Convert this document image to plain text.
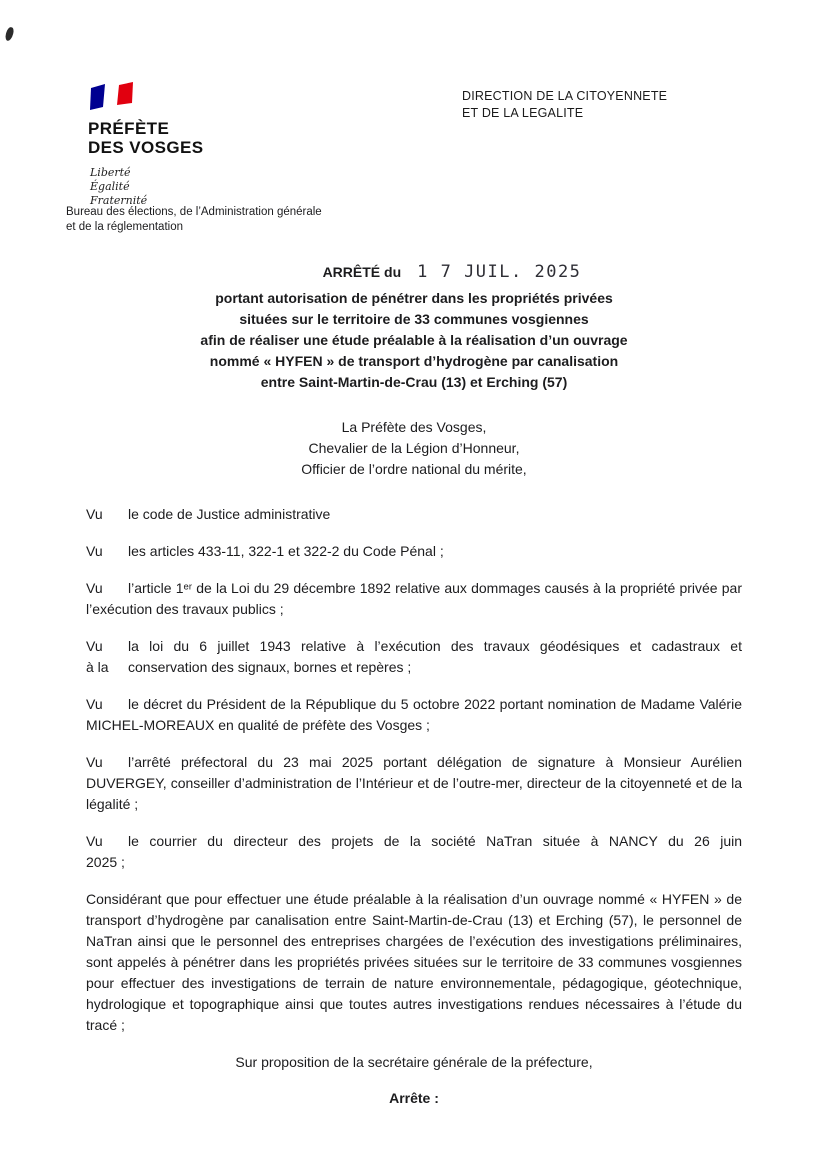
PRÉFÈTE
DES VOSGES
Liberté
Égalité
Fraternité
DIRECTION DE LA CITOYENNETE
ET DE LA LEGALITE
Bureau des élections, de l’Administration générale
et de la réglementation
ARRÊTÉ du 1 7 JUIL. 2025
portant autorisation de pénétrer dans les propriétés privées
situées sur le territoire de 33 communes vosgiennes
afin de réaliser une étude préalable à la réalisation d’un ouvrage
nommé « HYFEN » de transport d’hydrogène par canalisation
entre Saint-Martin-de-Crau (13) et Erching (57)
La Préfète des Vosges,
Chevalier de la Légion d’Honneur,
Officier de l’ordre national du mérite,

Vu le code de Justice administrative

Vu les articles 433-11, 322-1 et 322-2 du Code Pénal ;

Vu l’article 1ᵉʳ de la Loi du 29 décembre 1892 relative aux dommages causés à la propriété privée par l’exécution des travaux publics ;

Vu la loi du 6 juillet 1943 relative à l’exécution des travaux géodésiques et cadastraux et
à la conservation des signaux, bornes et repères ;

Vu le décret du Président de la République du 5 octobre 2022 portant nomination de Madame Valérie MICHEL-MOREAUX en qualité de préfète des Vosges ;

Vu l’arrêté préfectoral du 23 mai 2025 portant délégation de signature à Monsieur Aurélien DUVERGEY, conseiller d’administration de l’Intérieur et de l’outre-mer, directeur de la citoyenneté et de la légalité ;

Vu le courrier du directeur des projets de la société NaTran située à NANCY du 26 juin
2025 ;

Considérant que pour effectuer une étude préalable à la réalisation d’un ouvrage nommé « HYFEN » de transport d’hydrogène par canalisation entre Saint-Martin-de-Crau (13) et Erching (57), le personnel de NaTran ainsi que le personnel des entreprises chargées de l’exécution des investigations préliminaires, sont appelés à pénétrer dans les propriétés privées situées sur le territoire de 33 communes vosgiennes pour effectuer des investigations de terrain de nature environnementale, pédagogique, géotechnique, hydrologique et topographique ainsi que toutes autres investigations rendues nécessaires à l’étude du tracé ;

Sur proposition de la secrétaire générale de la préfecture,

Arrête :
